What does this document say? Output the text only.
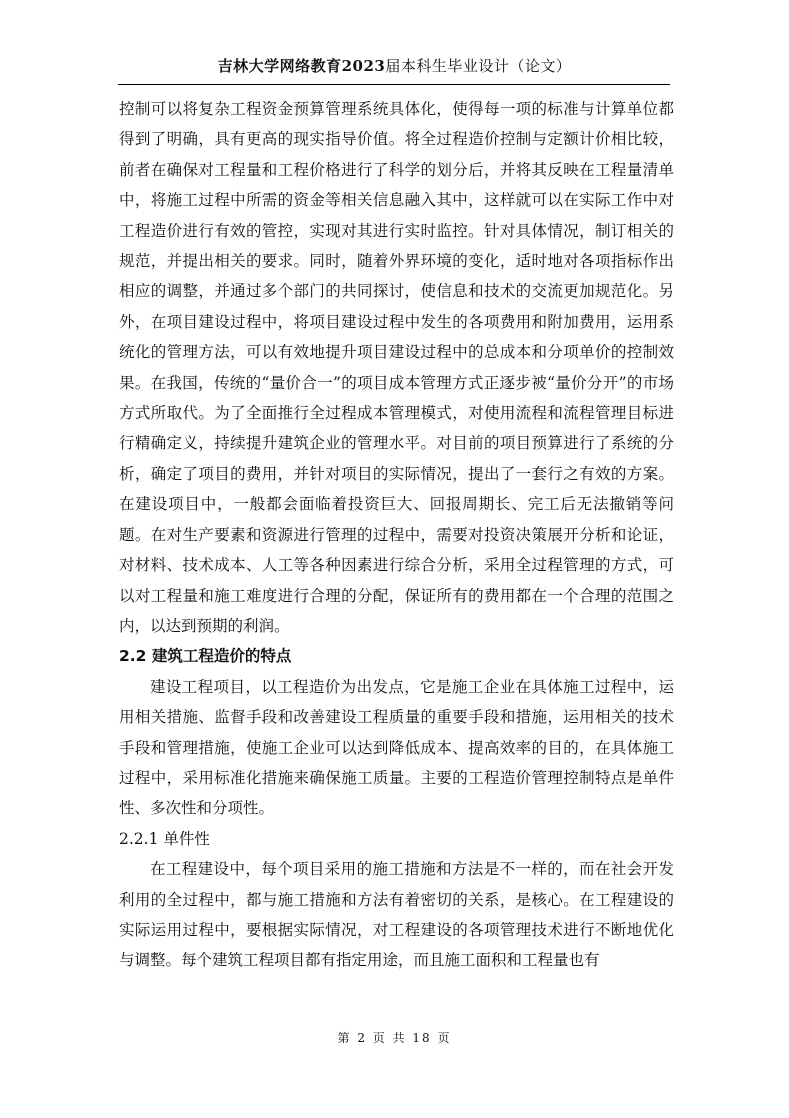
吉林大学网络教育2023届本科生毕业设计（论文）

控制可以将复杂工程资金预算管理系统具体化，使得每一项的标准与计算单位都得到了明确，具有更高的现实指导价值。将全过程造价控制与定额计价相比较，前者在确保对工程量和工程价格进行了科学的划分后，并将其反映在工程量清单中，将施工过程中所需的资金等相关信息融入其中，这样就可以在实际工作中对工程造价进行有效的管控，实现对其进行实时监控。针对具体情况，制订相关的规范，并提出相关的要求。同时，随着外界环境的变化，适时地对各项指标作出相应的调整，并通过多个部门的共同探讨，使信息和技术的交流更加规范化。另外，在项目建设过程中，将项目建设过程中发生的各项费用和附加费用，运用系统化的管理方法，可以有效地提升项目建设过程中的总成本和分项单价的控制效果。在我国，传统的“量价合一”的项目成本管理方式正逐步被“量价分开”的市场方式所取代。为了全面推行全过程成本管理模式，对使用流程和流程管理目标进行精确定义，持续提升建筑企业的管理水平。对目前的项目预算进行了系统的分析，确定了项目的费用，并针对项目的实际情况，提出了一套行之有效的方案。在建设项目中，一般都会面临着投资巨大、回报周期长、完工后无法撤销等问题。在对生产要素和资源进行管理的过程中，需要对投资决策展开分析和论证，对材料、技术成本、人工等各种因素进行综合分析，采用全过程管理的方式，可以对工程量和施工难度进行合理的分配，保证所有的费用都在一个合理的范围之内，以达到预期的利润。

2.2 建筑工程造价的特点

建设工程项目，以工程造价为出发点，它是施工企业在具体施工过程中，运用相关措施、监督手段和改善建设工程质量的重要手段和措施，运用相关的技术手段和管理措施，使施工企业可以达到降低成本、提高效率的目的，在具体施工过程中，采用标准化措施来确保施工质量。主要的工程造价管理控制特点是单件性、多次性和分项性。

2.2.1 单件性

在工程建设中，每个项目采用的施工措施和方法是不一样的，而在社会开发利用的全过程中，都与施工措施和方法有着密切的关系，是核心。在工程建设的实际运用过程中，要根据实际情况，对工程建设的各项管理技术进行不断地优化与调整。每个建筑工程项目都有指定用途，而且施工面积和工程量也有

第 2 页 共 18 页
